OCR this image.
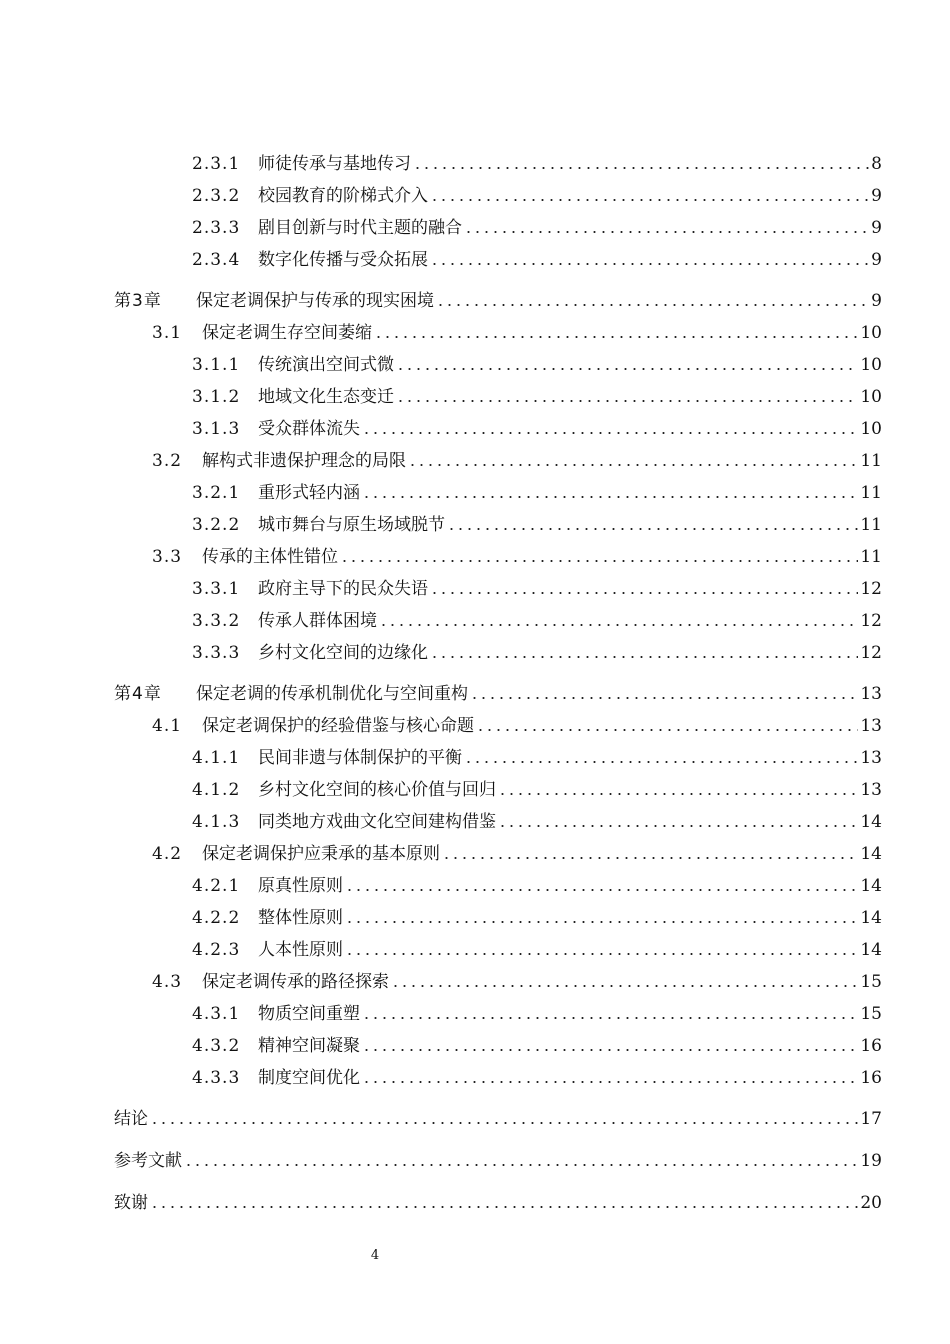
2.3.1	师徒传承与基地传习	8
2.3.2	校园教育的阶梯式介入	9
2.3.3	剧目创新与时代主题的融合	9
2.3.4	数字化传播与受众拓展	9
第3章	保定老调保护与传承的现实困境	9
3.1	保定老调生存空间萎缩	10
3.1.1	传统演出空间式微	10
3.1.2	地域文化生态变迁	10
3.1.3	受众群体流失	10
3.2	解构式非遗保护理念的局限	11
3.2.1	重形式轻内涵	11
3.2.2	城市舞台与原生场域脱节	11
3.3	传承的主体性错位	11
3.3.1	政府主导下的民众失语	12
3.3.2	传承人群体困境	12
3.3.3	乡村文化空间的边缘化	12
第4章	保定老调的传承机制优化与空间重构	13
4.1	保定老调保护的经验借鉴与核心命题	13
4.1.1	民间非遗与体制保护的平衡	13
4.1.2	乡村文化空间的核心价值与回归	13
4.1.3	同类地方戏曲文化空间建构借鉴	14
4.2	保定老调保护应秉承的基本原则	14
4.2.1	原真性原则	14
4.2.2	整体性原则	14
4.2.3	人本性原则	14
4.3	保定老调传承的路径探索	15
4.3.1	物质空间重塑	15
4.3.2	精神空间凝聚	16
4.3.3	制度空间优化	16
结论	17
参考文献	19
致谢	20
4
